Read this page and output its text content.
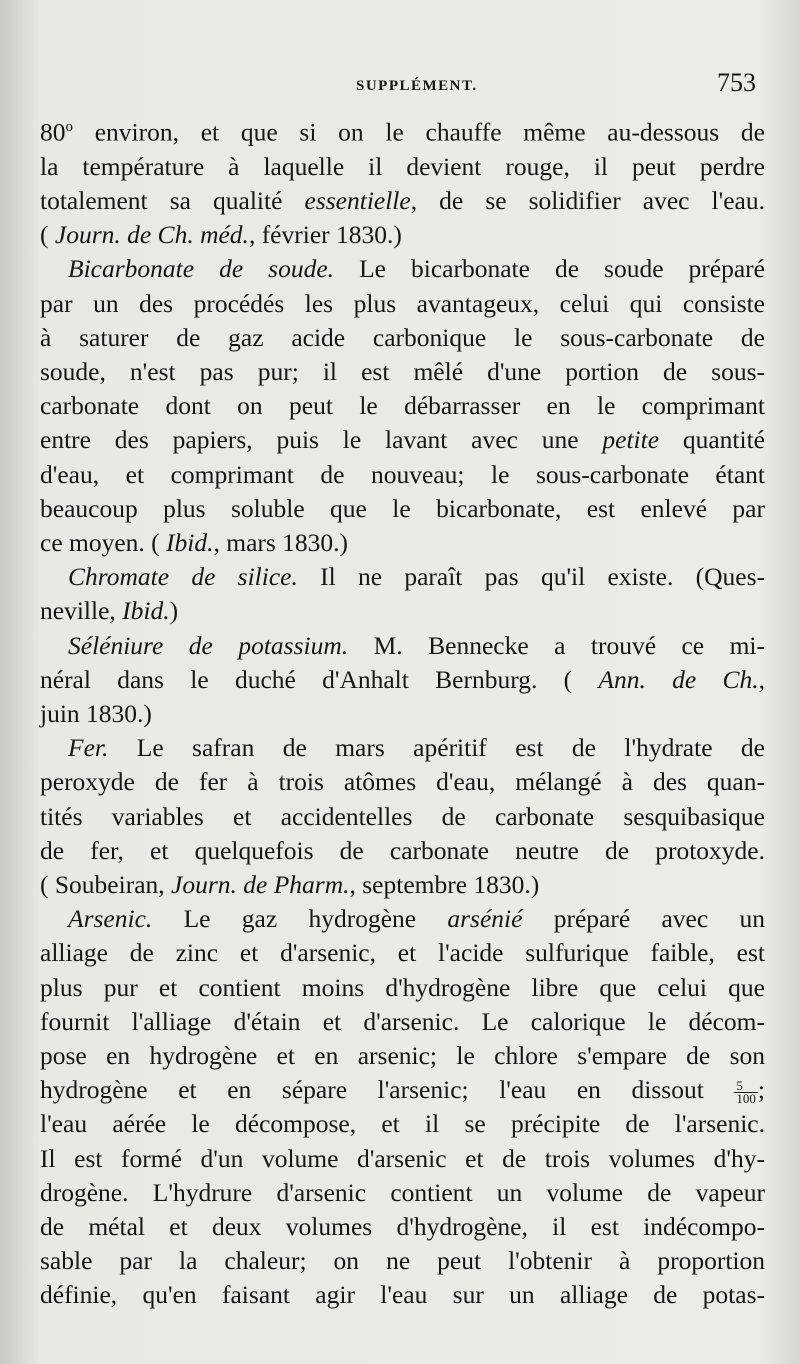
SUPPLÉMENT.	753
80$^o$ environ, et que si on le chauffe même au-dessous de
la température à laquelle il devient rouge, il peut perdre
totalement sa qualité essentielle, de se solidifier avec l'eau.
( Journ. de Ch. méd., février 1830.)
Bicarbonate de soude. Le bicarbonate de soude préparé
par un des procédés les plus avantageux, celui qui consiste
à saturer de gaz acide carbonique le sous-carbonate de
soude, n'est pas pur; il est mêlé d'une portion de sous-
carbonate dont on peut le débarrasser en le comprimant
entre des papiers, puis le lavant avec une petite quantité
d'eau, et comprimant de nouveau; le sous-carbonate étant
beaucoup plus soluble que le bicarbonate, est enlevé par
ce moyen. ( Ibid., mars 1830.)
Chromate de silice. Il ne paraît pas qu'il existe. (Ques-
neville, Ibid.)
Séléniure de potassium. M. Bennecke a trouvé ce mi-
néral dans le duché d'Anhalt Bernburg. ( Ann. de Ch.,
juin 1830.)
Fer. Le safran de mars apéritif est de l'hydrate de
peroxyde de fer à trois atômes d'eau, mélangé à des quan-
tités variables et accidentelles de carbonate sesquibasique
de fer, et quelquefois de carbonate neutre de protoxyde.
( Soubeiran, Journ. de Pharm., septembre 1830.)
Arsenic. Le gaz hydrogène arsénié préparé avec un
alliage de zinc et d'arsenic, et l'acide sulfurique faible, est
plus pur et contient moins d'hydrogène libre que celui que
fournit l'alliage d'étain et d'arsenic. Le calorique le décom-
pose en hydrogène et en arsenic; le chlore s'empare de son
hydrogène et en sépare l'arsenic; l'eau en dissout $\frac{5}{100}$ ;
l'eau aérée le décompose, et il se précipite de l'arsenic.
Il est formé d'un volume d'arsenic et de trois volumes d'hy-
drogène. L'hydrure d'arsenic contient un volume de vapeur
de métal et deux volumes d'hydrogène, il est indécompo-
sable par la chaleur; on ne peut l'obtenir à proportion
définie, qu'en faisant agir l'eau sur un alliage de potas-
